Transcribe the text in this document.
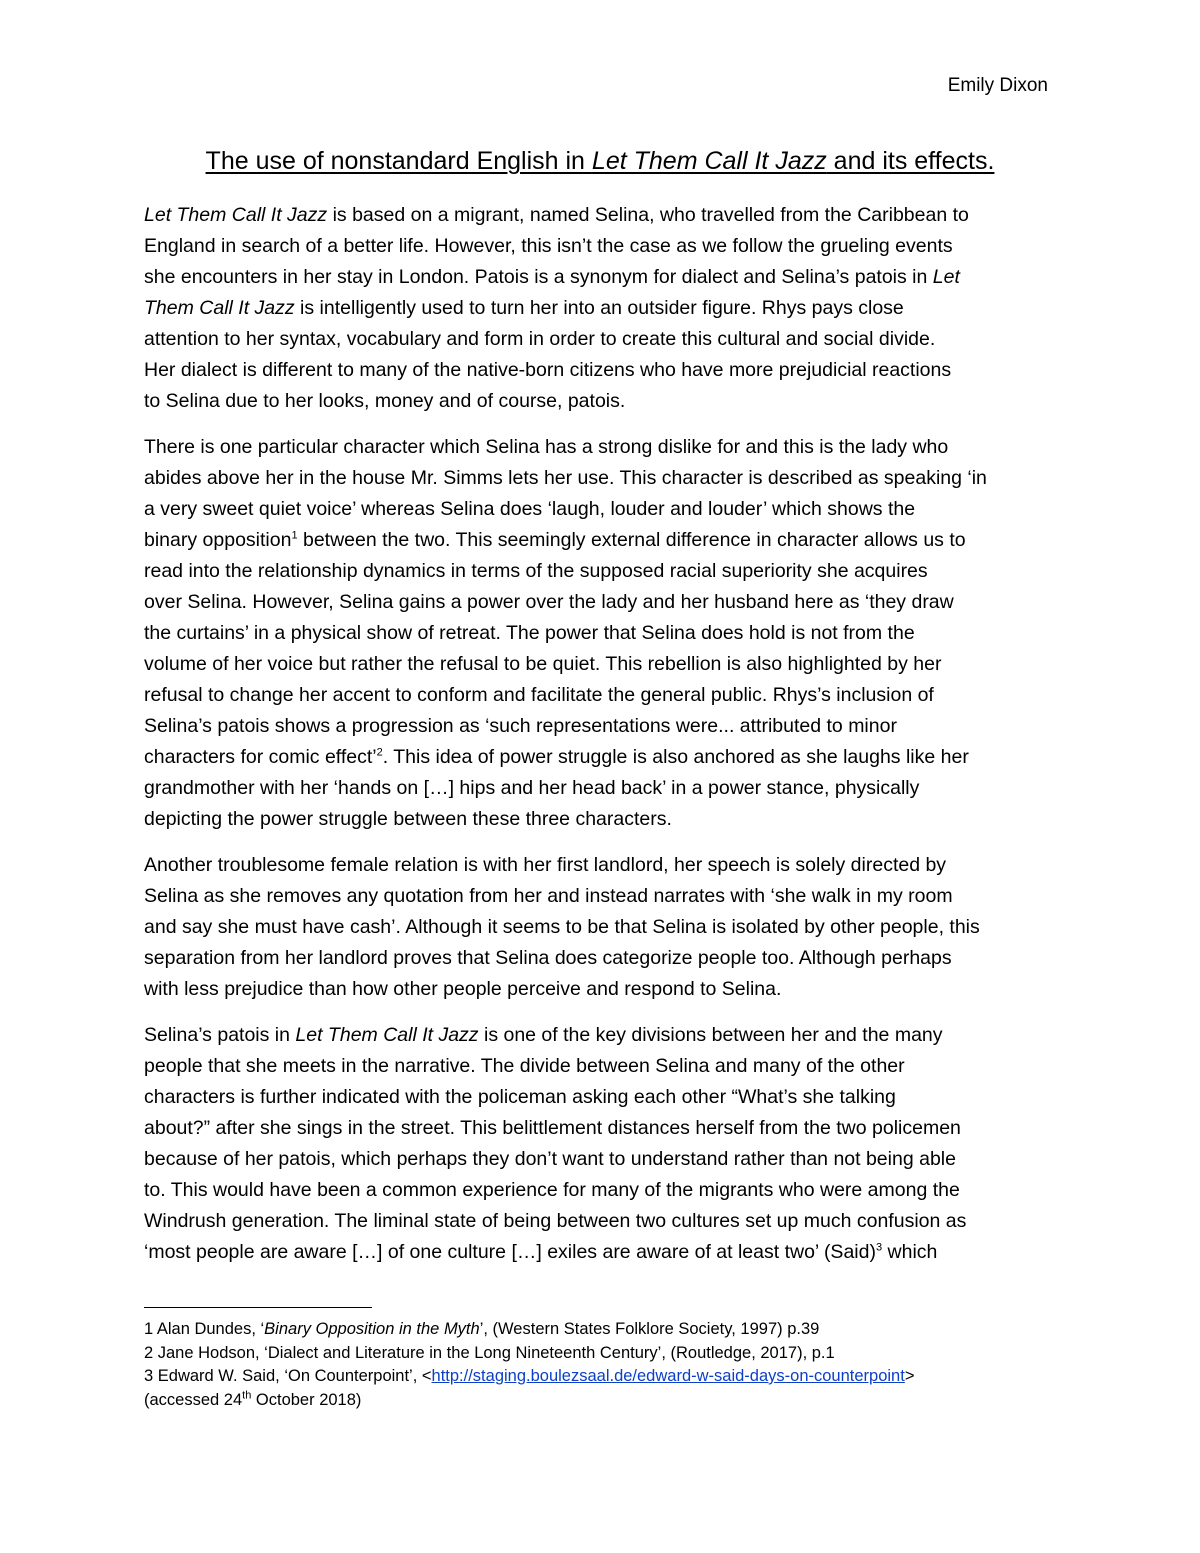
Emily Dixon
The use of nonstandard English in Let Them Call It Jazz and its effects.
Let Them Call It Jazz is based on a migrant, named Selina, who travelled from the Caribbean to
England in search of a better life. However, this isn’t the case as we follow the grueling events
she encounters in her stay in London. Patois is a synonym for dialect and Selina’s patois in Let
Them Call It Jazz is intelligently used to turn her into an outsider figure. Rhys pays close
attention to her syntax, vocabulary and form in order to create this cultural and social divide.
Her dialect is different to many of the native-born citizens who have more prejudicial reactions
to Selina due to her looks, money and of course, patois.
There is one particular character which Selina has a strong dislike for and this is the lady who
abides above her in the house Mr. Simms lets her use. This character is described as speaking ‘in
a very sweet quiet voice’ whereas Selina does ‘laugh, louder and louder’ which shows the
binary opposition$^1$ between the two. This seemingly external difference in character allows us to
read into the relationship dynamics in terms of the supposed racial superiority she acquires
over Selina. However, Selina gains a power over the lady and her husband here as ‘they draw
the curtains’ in a physical show of retreat. The power that Selina does hold is not from the
volume of her voice but rather the refusal to be quiet. This rebellion is also highlighted by her
refusal to change her accent to conform and facilitate the general public. Rhys’s inclusion of
Selina’s patois shows a progression as ‘such representations were... attributed to minor
characters for comic effect’$^2$. This idea of power struggle is also anchored as she laughs like her
grandmother with her ‘hands on […] hips and her head back’ in a power stance, physically
depicting the power struggle between these three characters.
Another troublesome female relation is with her first landlord, her speech is solely directed by
Selina as she removes any quotation from her and instead narrates with ‘she walk in my room
and say she must have cash’. Although it seems to be that Selina is isolated by other people, this
separation from her landlord proves that Selina does categorize people too. Although perhaps
with less prejudice than how other people perceive and respond to Selina.
Selina’s patois in Let Them Call It Jazz is one of the key divisions between her and the many
people that she meets in the narrative. The divide between Selina and many of the other
characters is further indicated with the policeman asking each other “What’s she talking
about?” after she sings in the street. This belittlement distances herself from the two policemen
because of her patois, which perhaps they don’t want to understand rather than not being able
to. This would have been a common experience for many of the migrants who were among the
Windrush generation. The liminal state of being between two cultures set up much confusion as
‘most people are aware […] of one culture […] exiles are aware of at least two’ (Said)$^3$ which
1 Alan Dundes, ‘Binary Opposition in the Myth’, (Western States Folklore Society, 1997) p.39
2 Jane Hodson, ‘Dialect and Literature in the Long Nineteenth Century’, (Routledge, 2017), p.1
3 Edward W. Said, ‘On Counterpoint’, <http://staging.boulezsaal.de/edward-w-said-days-on-counterpoint>
(accessed 24th October 2018)
